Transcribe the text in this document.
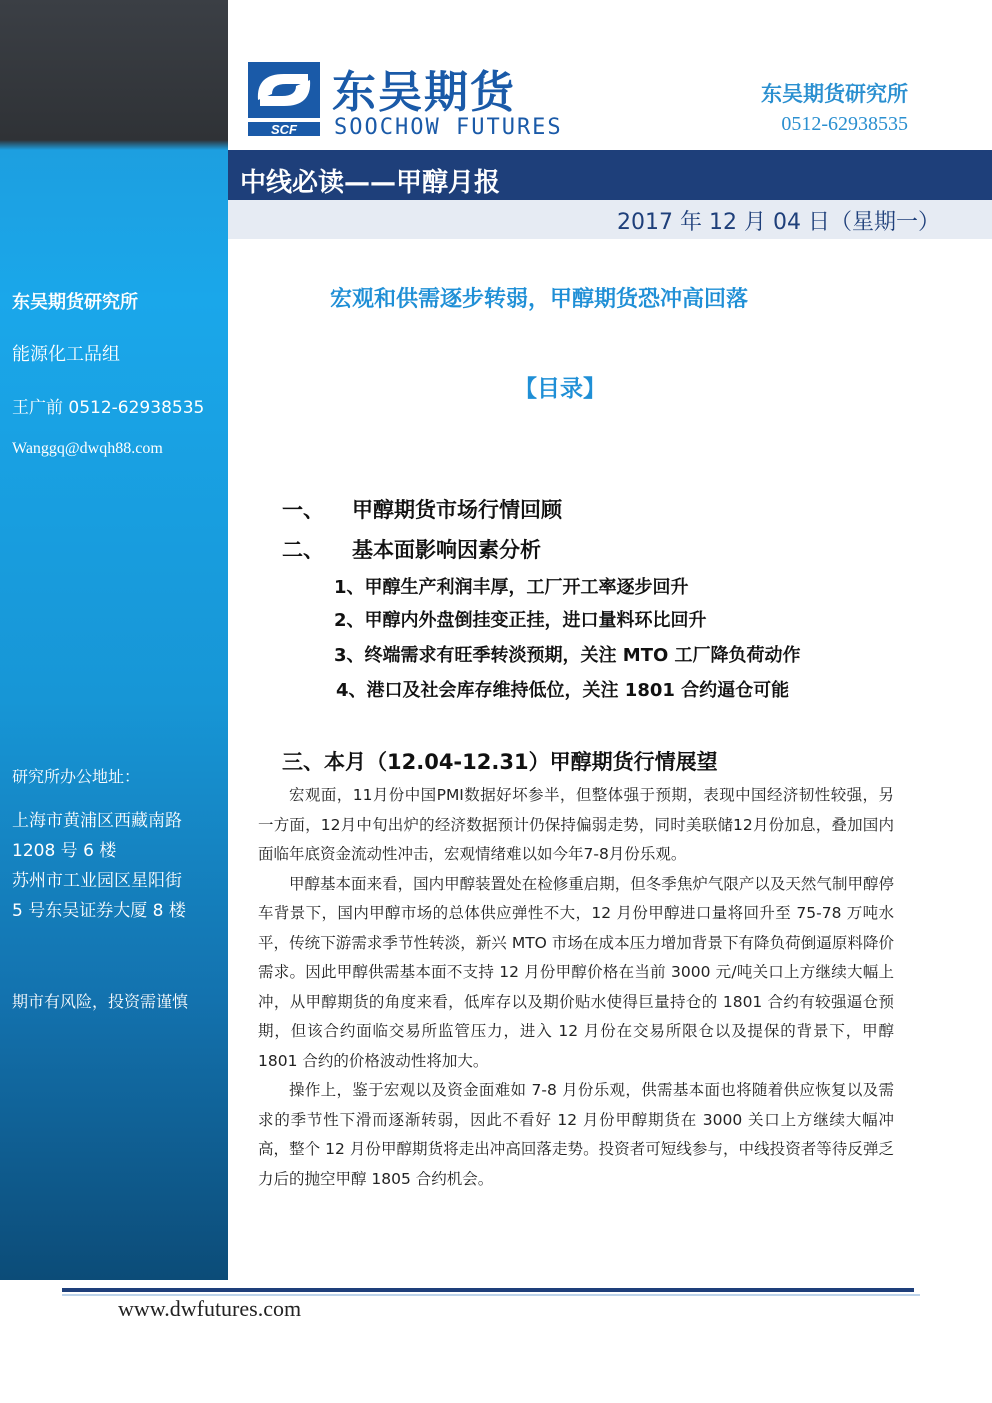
东吴期货研究所
能源化工品组
王广前 0512-62938535
Wanggq@dwqh88.com
研究所办公地址：
上海市黄浦区西藏南路
1208 号 6 楼
苏州市工业园区星阳街
5 号东吴证券大厦 8 楼
期市有风险，投资需谨慎
SCF
东吴期货
SOOCHOW FUTURES
东吴期货研究所
0512-62938535
中线必读——甲醇月报
2017 年 12 月 04 日（星期一）
宏观和供需逐步转弱，甲醇期货恐冲高回落
【目录】
一、 甲醇期货市场行情回顾
二、 基本面影响因素分析
1、甲醇生产利润丰厚，工厂开工率逐步回升
2、甲醇内外盘倒挂变正挂，进口量料环比回升
3、终端需求有旺季转淡预期，关注 MTO 工厂降负荷动作
4、港口及社会库存维持低位，关注 1801 合约逼仓可能
三、本月（12.04-12.31）甲醇期货行情展望

宏观面，11月份中国PMI数据好坏参半，但整体强于预期，表现中国经济韧性较强，另一方面，12月中旬出炉的经济数据预计仍保持偏弱走势，同时美联储12月份加息，叠加国内面临年底资金流动性冲击，宏观情绪难以如今年7-8月份乐观。

甲醇基本面来看，国内甲醇装置处在检修重启期，但冬季焦炉气限产以及天然气制甲醇停车背景下，国内甲醇市场的总体供应弹性不大，12 月份甲醇进口量将回升至 75-78 万吨水平，传统下游需求季节性转淡，新兴 MTO 市场在成本压力增加背景下有降负荷倒逼原料降价需求。因此甲醇供需基本面不支持 12 月份甲醇价格在当前 3000 元/吨关口上方继续大幅上冲，从甲醇期货的角度来看，低库存以及期价贴水使得巨量持仓的 1801 合约有较强逼仓预期，但该合约面临交易所监管压力，进入 12 月份在交易所限仓以及提保的背景下，甲醇 1801 合约的价格波动性将加大。

操作上，鉴于宏观以及资金面难如 7-8 月份乐观，供需基本面也将随着供应恢复以及需求的季节性下滑而逐渐转弱，因此不看好 12 月份甲醇期货在 3000 关口上方继续大幅冲高，整个 12 月份甲醇期货将走出冲高回落走势。投资者可短线参与，中线投资者等待反弹乏力后的抛空甲醇 1805 合约机会。

www.dwfutures.com
